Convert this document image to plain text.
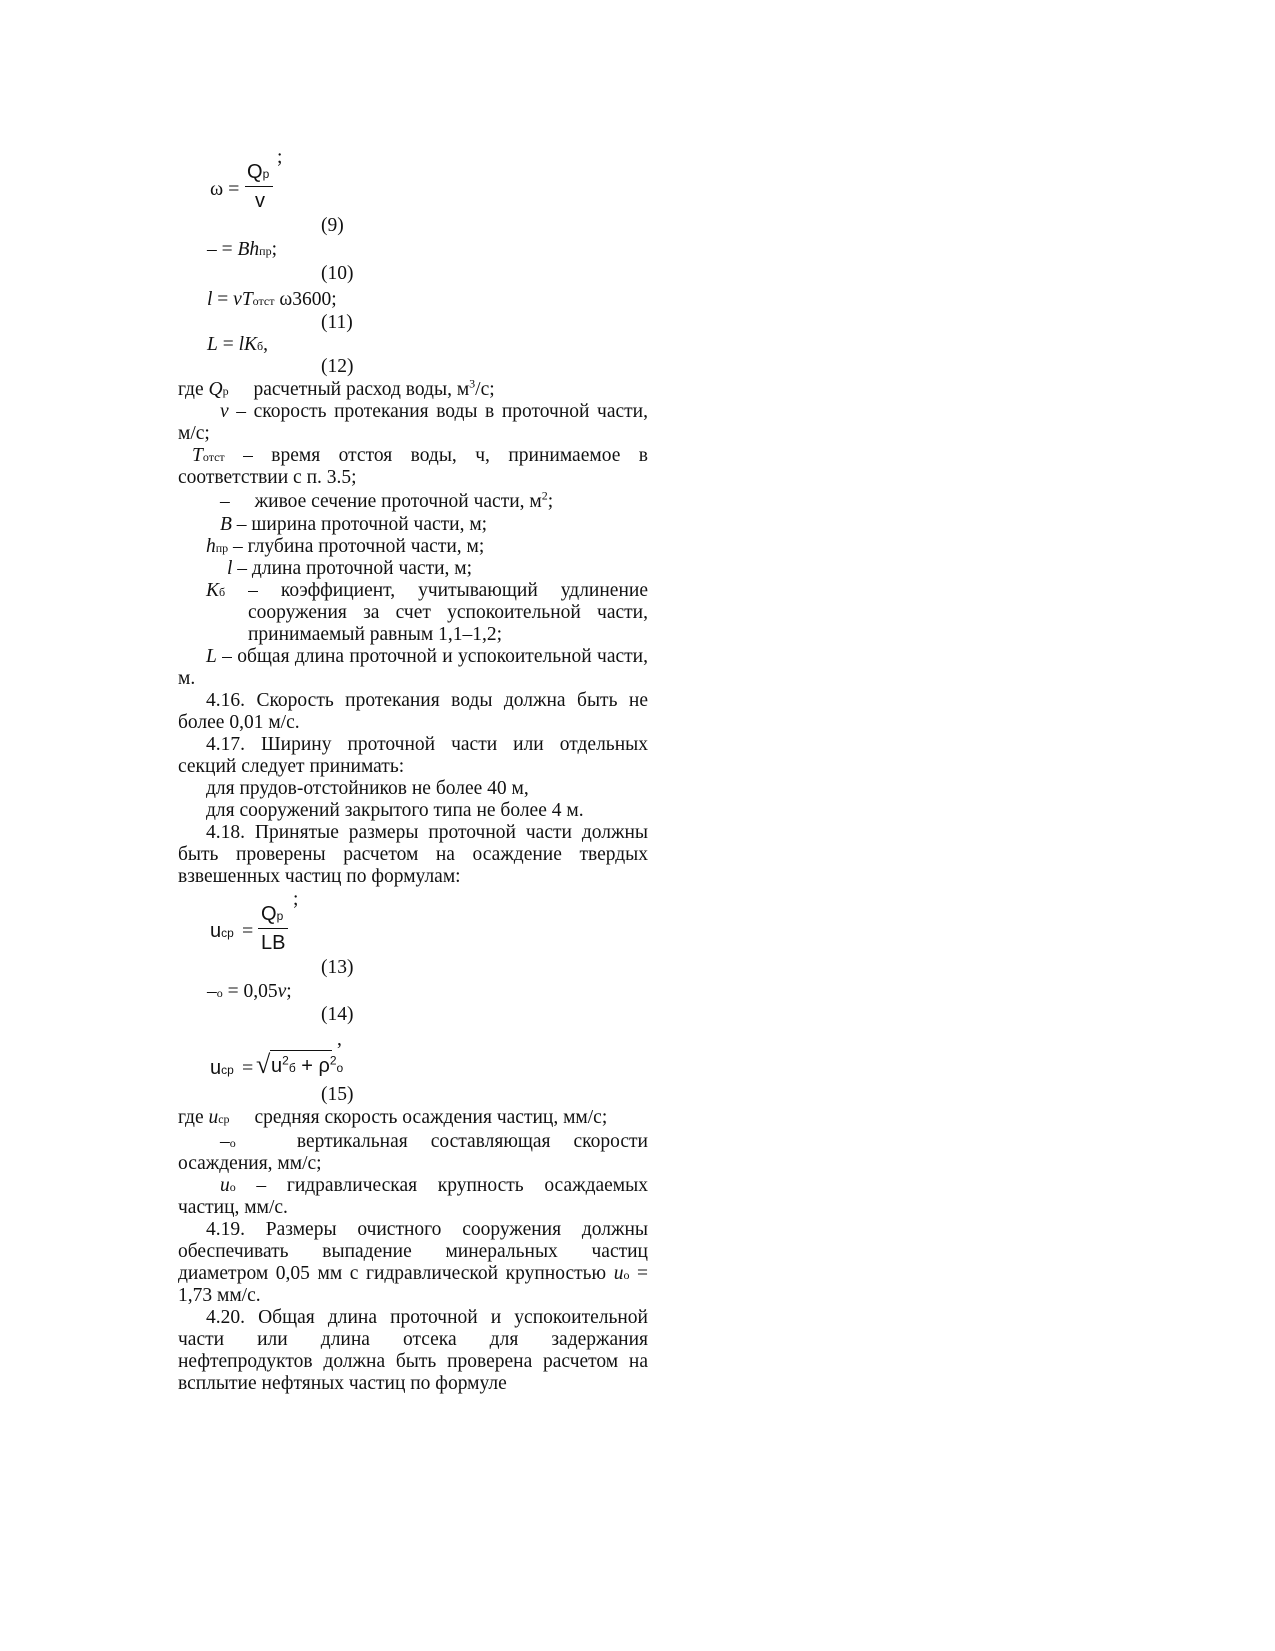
;
ω =
Qр
v
(9)
– = Bhпр;
(10)
l = vTотст ω3600;
(11)
L = lKб,
(12)
где Qр   расчетный расход воды, $м^3/с$;
v – скорость протекания воды в проточной части,
м/с;
Tотст – время отстоя воды, ч, принимаемое в
соответствии с п. 3.5;
–   живое сечение проточной части, $м^2$;
B – ширина проточной части, м;
hпр – глубина проточной части, м;
l – длина проточной части, м;
Kб – коэффициент, учитывающий удлинение
сооружения за счет успокоительной части,
принимаемый равным 1,1–1,2;
L – общая длина проточной и успокоительной части,
м.
4.16. Скорость протекания воды должна быть не
более 0,01 м/с.
4.17. Ширину проточной части или отдельных
секций следует принимать:
для прудов-отстойников не более 40 м,
для сооружений закрытого типа не более 4 м.
4.18. Принятые размеры проточной части должны
быть проверены расчетом на осаждение твердых
взвешенных частиц по формулам:
;
uср =
Qр
LB
(13)
–о = 0,05v;
(14)
,
uср = √ $u^2б + \rho^2о$
(15)
где uср   средняя скорость осаждения частиц, мм/с;
–о   вертикальная составляющая скорости
осаждения, мм/с;
uо – гидравлическая крупность осаждаемых
частиц, мм/с.
4.19. Размеры очистного сооружения должны
обеспечивать выпадение минеральных частиц
диаметром 0,05 мм с гидравлической крупностью uо =
1,73 мм/с.
4.20. Общая длина проточной и успокоительной
части или длина отсека для задержания
нефтепродуктов должна быть проверена расчетом на
всплытие нефтяных частиц по формуле
